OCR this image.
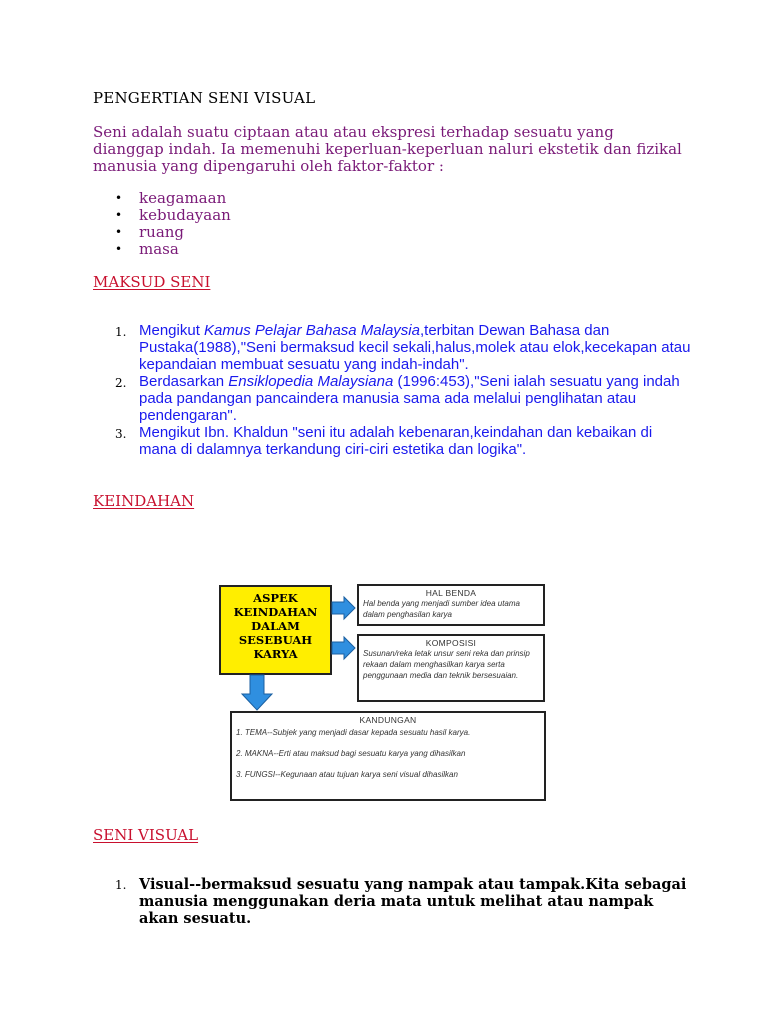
PENGERTIAN SENI VISUAL

Seni adalah suatu ciptaan atau atau ekspresi terhadap sesuatu yang dianggap indah. Ia memenuhi keperluan-keperluan naluri ekstetik dan fizikal manusia yang dipengaruhi oleh faktor-faktor :

• keagamaan
• kebudayaan
• ruang
• masa
MAKSUD SENI
1. Mengikut Kamus Pelajar Bahasa Malaysia,terbitan Dewan Bahasa dan Pustaka(1988),"Seni bermaksud kecil sekali,halus,molek atau elok,kecekapan atau kepandaian membuat sesuatu yang indah-indah".
2. Berdasarkan Ensiklopedia Malaysiana (1996:453),"Seni ialah sesuatu yang indah pada pandangan pancaindera manusia sama ada melalui penglihatan atau pendengaran".
3. Mengikut Ibn. Khaldun "seni itu adalah kebenaran,keindahan dan kebaikan di mana di dalamnya terkandung ciri-ciri estetika dan logika".
KEINDAHAN
ASPEK
KEINDAHAN
DALAM
SESEBUAH
KARYA
HAL BENDA
Hal benda yang menjadi sumber idea utama dalam penghasilan karya
KOMPOSISI
Susunan/reka letak unsur seni reka dan prinsip rekaan dalam menghasilkan karya serta penggunaan media dan teknik bersesuaian.
KANDUNGAN
1. TEMA--Subjek yang menjadi dasar kepada sesuatu hasil karya.
2. MAKNA--Erti atau maksud bagi sesuatu karya yang dihasilkan
3. FUNGSI--Kegunaan atau tujuan karya seni visual dihasilkan
SENI VISUAL
1. Visual--bermaksud sesuatu yang nampak atau tampak.Kita sebagai manusia menggunakan deria mata untuk melihat atau nampak akan sesuatu.
